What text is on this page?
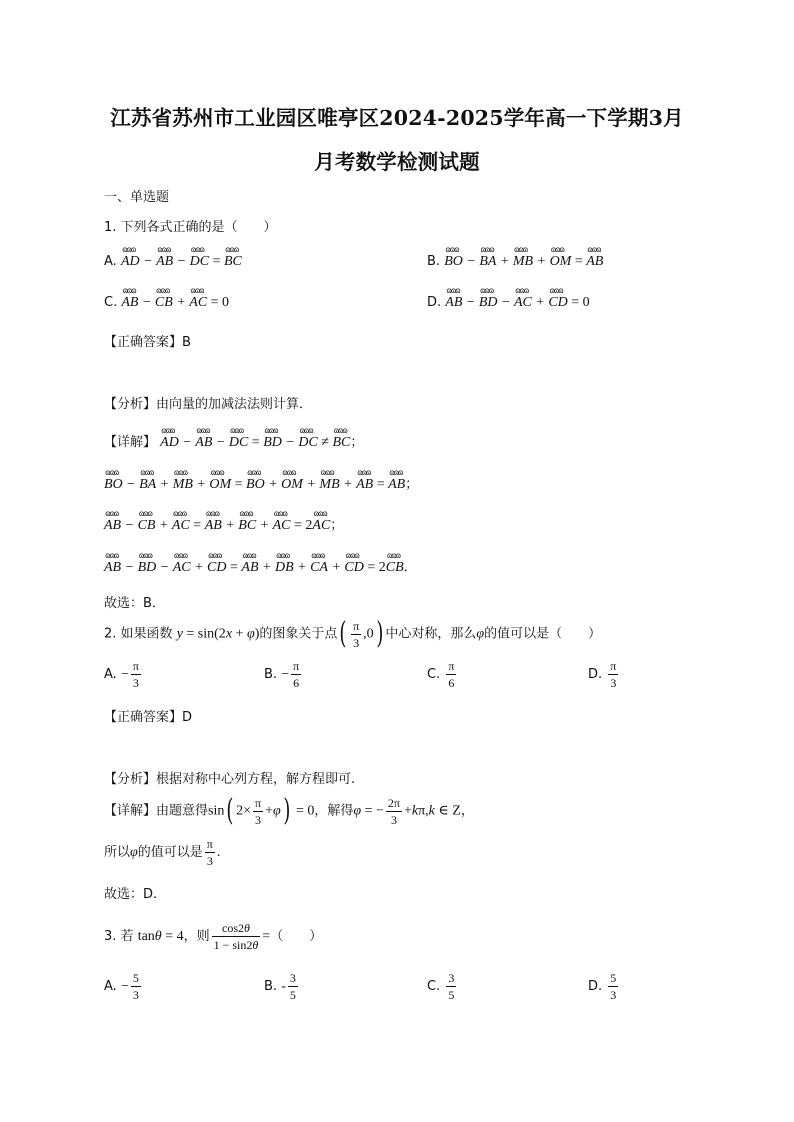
江苏省苏州市工业园区唯亭区2024-2025学年高一下学期3月
月考数学检测试题
一、单选题
1. 下列各式正确的是（　　）
A. ɷɷɷ AD − ɷɷɷ AB − ɷɷɷ DC = ɷɷɷ BC	B. ɷɷɷ BO − ɷɷɷ BA + ɷɷɷ MB + ɷɷɷ OM = ɷɷɷ AB
C. ɷɷɷ AB − ɷɷɷ CB + ɷɷɷ AC = 0	D. ɷɷɷ AB − ɷɷɷ BD − ɷɷɷ AC + ɷɷɷ CD = 0
【正确答案】B
【分析】由向量的加减法法则计算．
【详解】 ɷɷɷ AD − ɷɷɷ AB − ɷɷɷ DC = ɷɷɷ BD − ɷɷɷ DC ≠ ɷɷɷ BC；
ɷɷɷ BO − ɷɷɷ BA + ɷɷɷ MB + ɷɷɷ OM = ɷɷɷ BO + ɷɷɷ OM + ɷɷɷ MB + ɷɷɷ AB = ɷɷɷ AB；
ɷɷɷ AB − ɷɷɷ CB + ɷɷɷ AC = ɷɷɷ AB + ɷɷɷ BC + ɷɷɷ AC = 2ɷɷɷ AC；
ɷɷɷ AB − ɷɷɷ BD − ɷɷɷ AC + ɷɷɷ CD = ɷɷɷ AB + ɷɷɷ DB + ɷɷɷ CA + ɷɷɷ CD = 2ɷɷɷ CB．
故选：B．
2. 如果函数 y = sin(2x + φ)的图象关于点( $\frac{\pi}{3} ,0$) 中心对称，那么φ的值可以是（　　）
A. − $\frac{\pi}{3}$	B. − $\frac{\pi}{6}$	C. $\frac{\pi}{6}$	D. $\frac{\pi}{3}$
【正确答案】D
【分析】根据对称中心列方程，解方程即可.
【详解】由题意得sin( $2\times \frac{\pi}{3} +\varphi) = 0$，解得φ = − $\frac{2\pi}{3} +k\pi,k$ ∈ Z，
所以φ的值可以是 $\frac{\pi}{3}$ .
故选：D.
3. 若 tanθ = 4，则 $\frac{\cos 2\theta}{1 - \sin 2\theta}$ =（　　）
A. − $\frac{5}{3}$	B. - $\frac{3}{5}$	C. $\frac{3}{5}$	D. $\frac{5}{3}$
